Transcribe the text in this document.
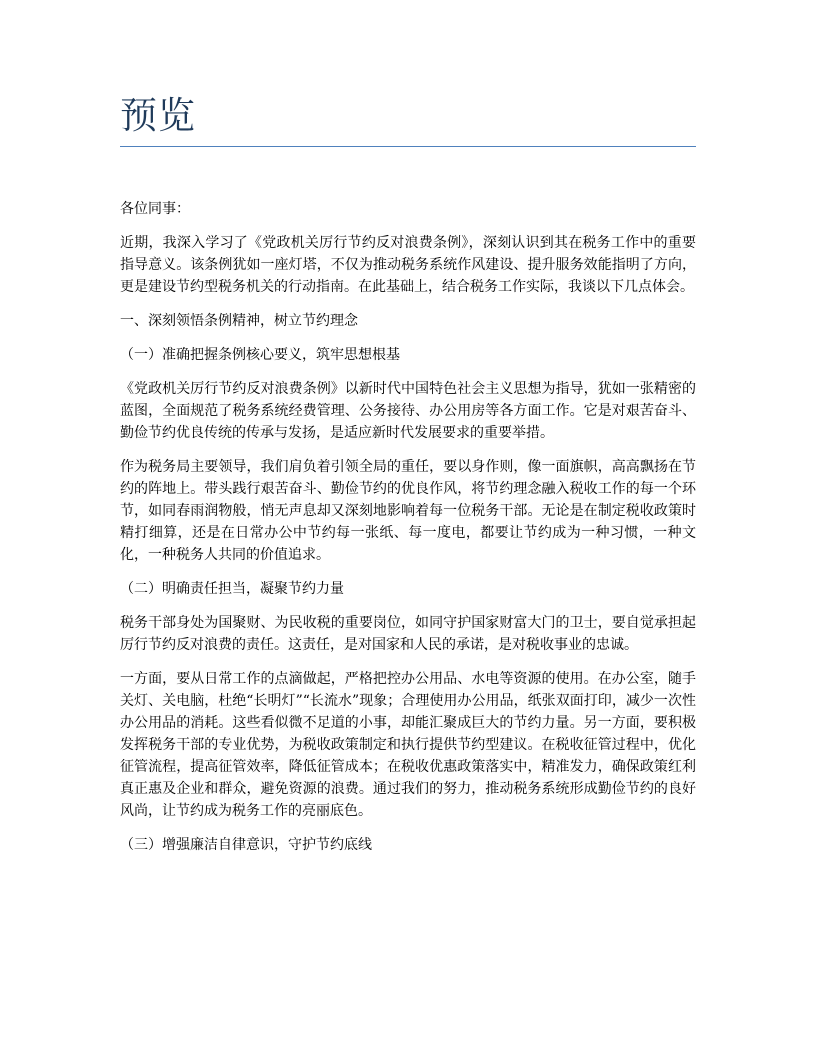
预览

各位同事：

近期，我深入学习了《党政机关厉行节约反对浪费条例》，深刻认识到其在税务工作中的重要指导意义。该条例犹如一座灯塔，不仅为推动税务系统作风建设、提升服务效能指明了方向，更是建设节约型税务机关的行动指南。在此基础上，结合税务工作实际，我谈以下几点体会。

一、深刻领悟条例精神，树立节约理念

（一）准确把握条例核心要义，筑牢思想根基

《党政机关厉行节约反对浪费条例》以新时代中国特色社会主义思想为指导，犹如一张精密的蓝图，全面规范了税务系统经费管理、公务接待、办公用房等各方面工作。它是对艰苦奋斗、勤俭节约优良传统的传承与发扬，是适应新时代发展要求的重要举措。

作为税务局主要领导，我们肩负着引领全局的重任，要以身作则，像一面旗帜，高高飘扬在节约的阵地上。带头践行艰苦奋斗、勤俭节约的优良作风，将节约理念融入税收工作的每一个环节，如同春雨润物般，悄无声息却又深刻地影响着每一位税务干部。无论是在制定税收政策时精打细算，还是在日常办公中节约每一张纸、每一度电，都要让节约成为一种习惯，一种文化，一种税务人共同的价值追求。

（二）明确责任担当，凝聚节约力量

税务干部身处为国聚财、为民收税的重要岗位，如同守护国家财富大门的卫士，要自觉承担起厉行节约反对浪费的责任。这责任，是对国家和人民的承诺，是对税收事业的忠诚。

一方面，要从日常工作的点滴做起，严格把控办公用品、水电等资源的使用。在办公室，随手关灯、关电脑，杜绝“长明灯”“长流水”现象；合理使用办公用品，纸张双面打印，减少一次性办公用品的消耗。这些看似微不足道的小事，却能汇聚成巨大的节约力量。另一方面，要积极发挥税务干部的专业优势，为税收政策制定和执行提供节约型建议。在税收征管过程中，优化征管流程，提高征管效率，降低征管成本；在税收优惠政策落实中，精准发力，确保政策红利真正惠及企业和群众，避免资源的浪费。通过我们的努力，推动税务系统形成勤俭节约的良好风尚，让节约成为税务工作的亮丽底色。

（三）增强廉洁自律意识，守护节约底线
